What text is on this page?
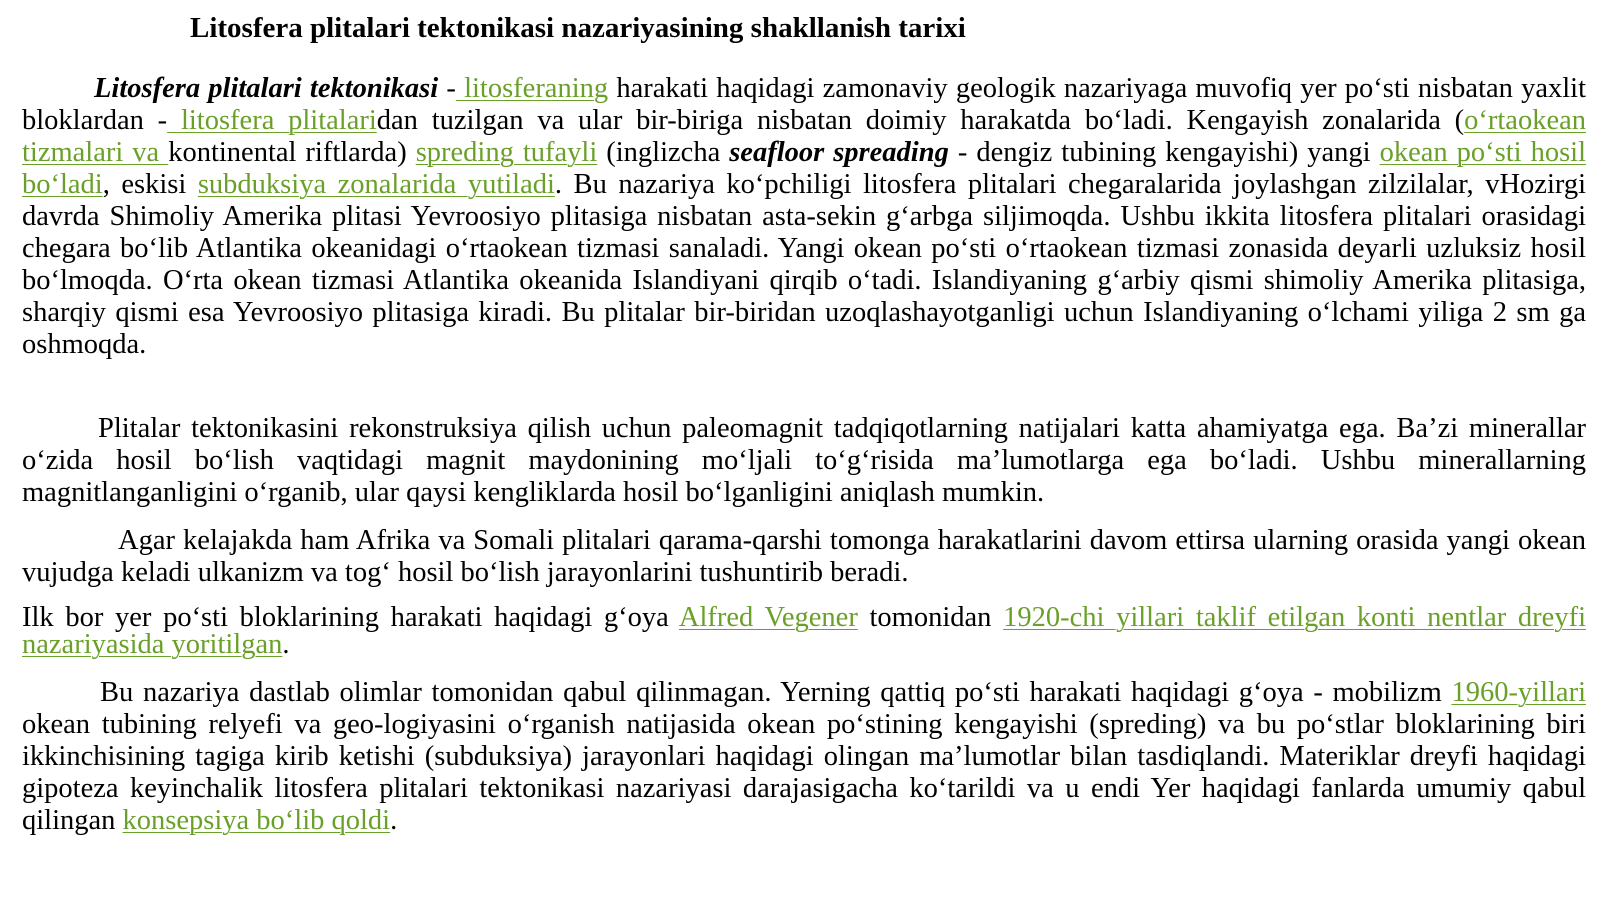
Litosfera plitalari tektonikasi nazariyasining shakllanish tarixi

Litosfera plitalari tektonikasi - litosferaning harakati haqidagi zamonaviy geologik nazariyaga muvofiq yer po‘sti nisbatan yaxlit bloklardan - litosfera plitalaridan tuzilgan va ular bir-biriga nisbatan doimiy harakatda bo‘ladi. Kengayish zonalarida (o‘rtaokean tizmalari va kontinental riftlarda) spreding tufayli (inglizcha seafloor spreading - dengiz tubining kengayishi) yangi okean po‘sti hosil bo‘ladi, eskisi subduksiya zonalarida yutiladi. Bu nazariya ko‘pchiligi litosfera plitalari chegaralarida joylashgan zilzilalar, vHozirgi davrda Shimoliy Amerika plitasi Yevroosiyo plitasiga nisbatan asta-sekin g‘arbga siljimoqda. Ushbu ikkita litosfera plitalari orasidagi chegara bo‘lib Atlantika okeanidagi o‘rtaokean tizmasi sanaladi. Yangi okean po‘sti o‘rtaokean tizmasi zonasida deyarli uzluksiz hosil bo‘lmoqda. O‘rta okean tizmasi Atlantika okeanida Islandiyani qirqib o‘tadi. Islandiyaning g‘arbiy qismi shimoliy Amerika plitasiga, sharqiy qismi esa Yevroosiyo plitasiga kiradi. Bu plitalar bir-biridan uzoqlashayotganligi uchun Islandiyaning o‘lchami yiliga 2 sm ga oshmoqda.

Plitalar tektonikasini rekonstruksiya qilish uchun paleomagnit tadqiqotlarning natijalari katta ahamiyatga ega. Ba’zi minerallar o‘zida hosil bo‘lish vaqtidagi magnit maydonining mo‘ljali to‘g‘risida ma’lumotlarga ega bo‘ladi. Ushbu minerallarning magnitlanganligini o‘rganib, ular qaysi kengliklarda hosil bo‘lganligini aniqlash mumkin.

Agar kelajakda ham Afrika va Somali plitalari qarama-qarshi tomonga harakatlarini davom ettirsa ularning orasida yangi okean vujudga keladi ulkanizm va tog‘ hosil bo‘lish jarayonlarini tushuntirib beradi.

Ilk bor yer po‘sti bloklarining harakati haqidagi g‘oya Alfred Vegener tomonidan 1920-chi yillari taklif etilgan konti nentlar dreyfi nazariyasida yoritilgan.

Bu nazariya dastlab olimlar tomonidan qabul qilinmagan. Yerning qattiq po‘sti harakati haqidagi g‘oya - mobilizm 1960-yillari okean tubining relyefi va geo-logiyasini o‘rganish natijasida okean po‘stining kengayishi (spreding) va bu po‘stlar bloklarining biri ikkinchisining tagiga kirib ketishi (subduksiya) jarayonlari haqidagi olingan ma’lumotlar bilan tasdiqlandi. Materiklar dreyfi haqidagi gipoteza keyinchalik litosfera plitalari tektonikasi nazariyasi darajasigacha ko‘tarildi va u endi Yer haqidagi fanlarda umumiy qabul qilingan konsepsiya bo‘lib qoldi.
